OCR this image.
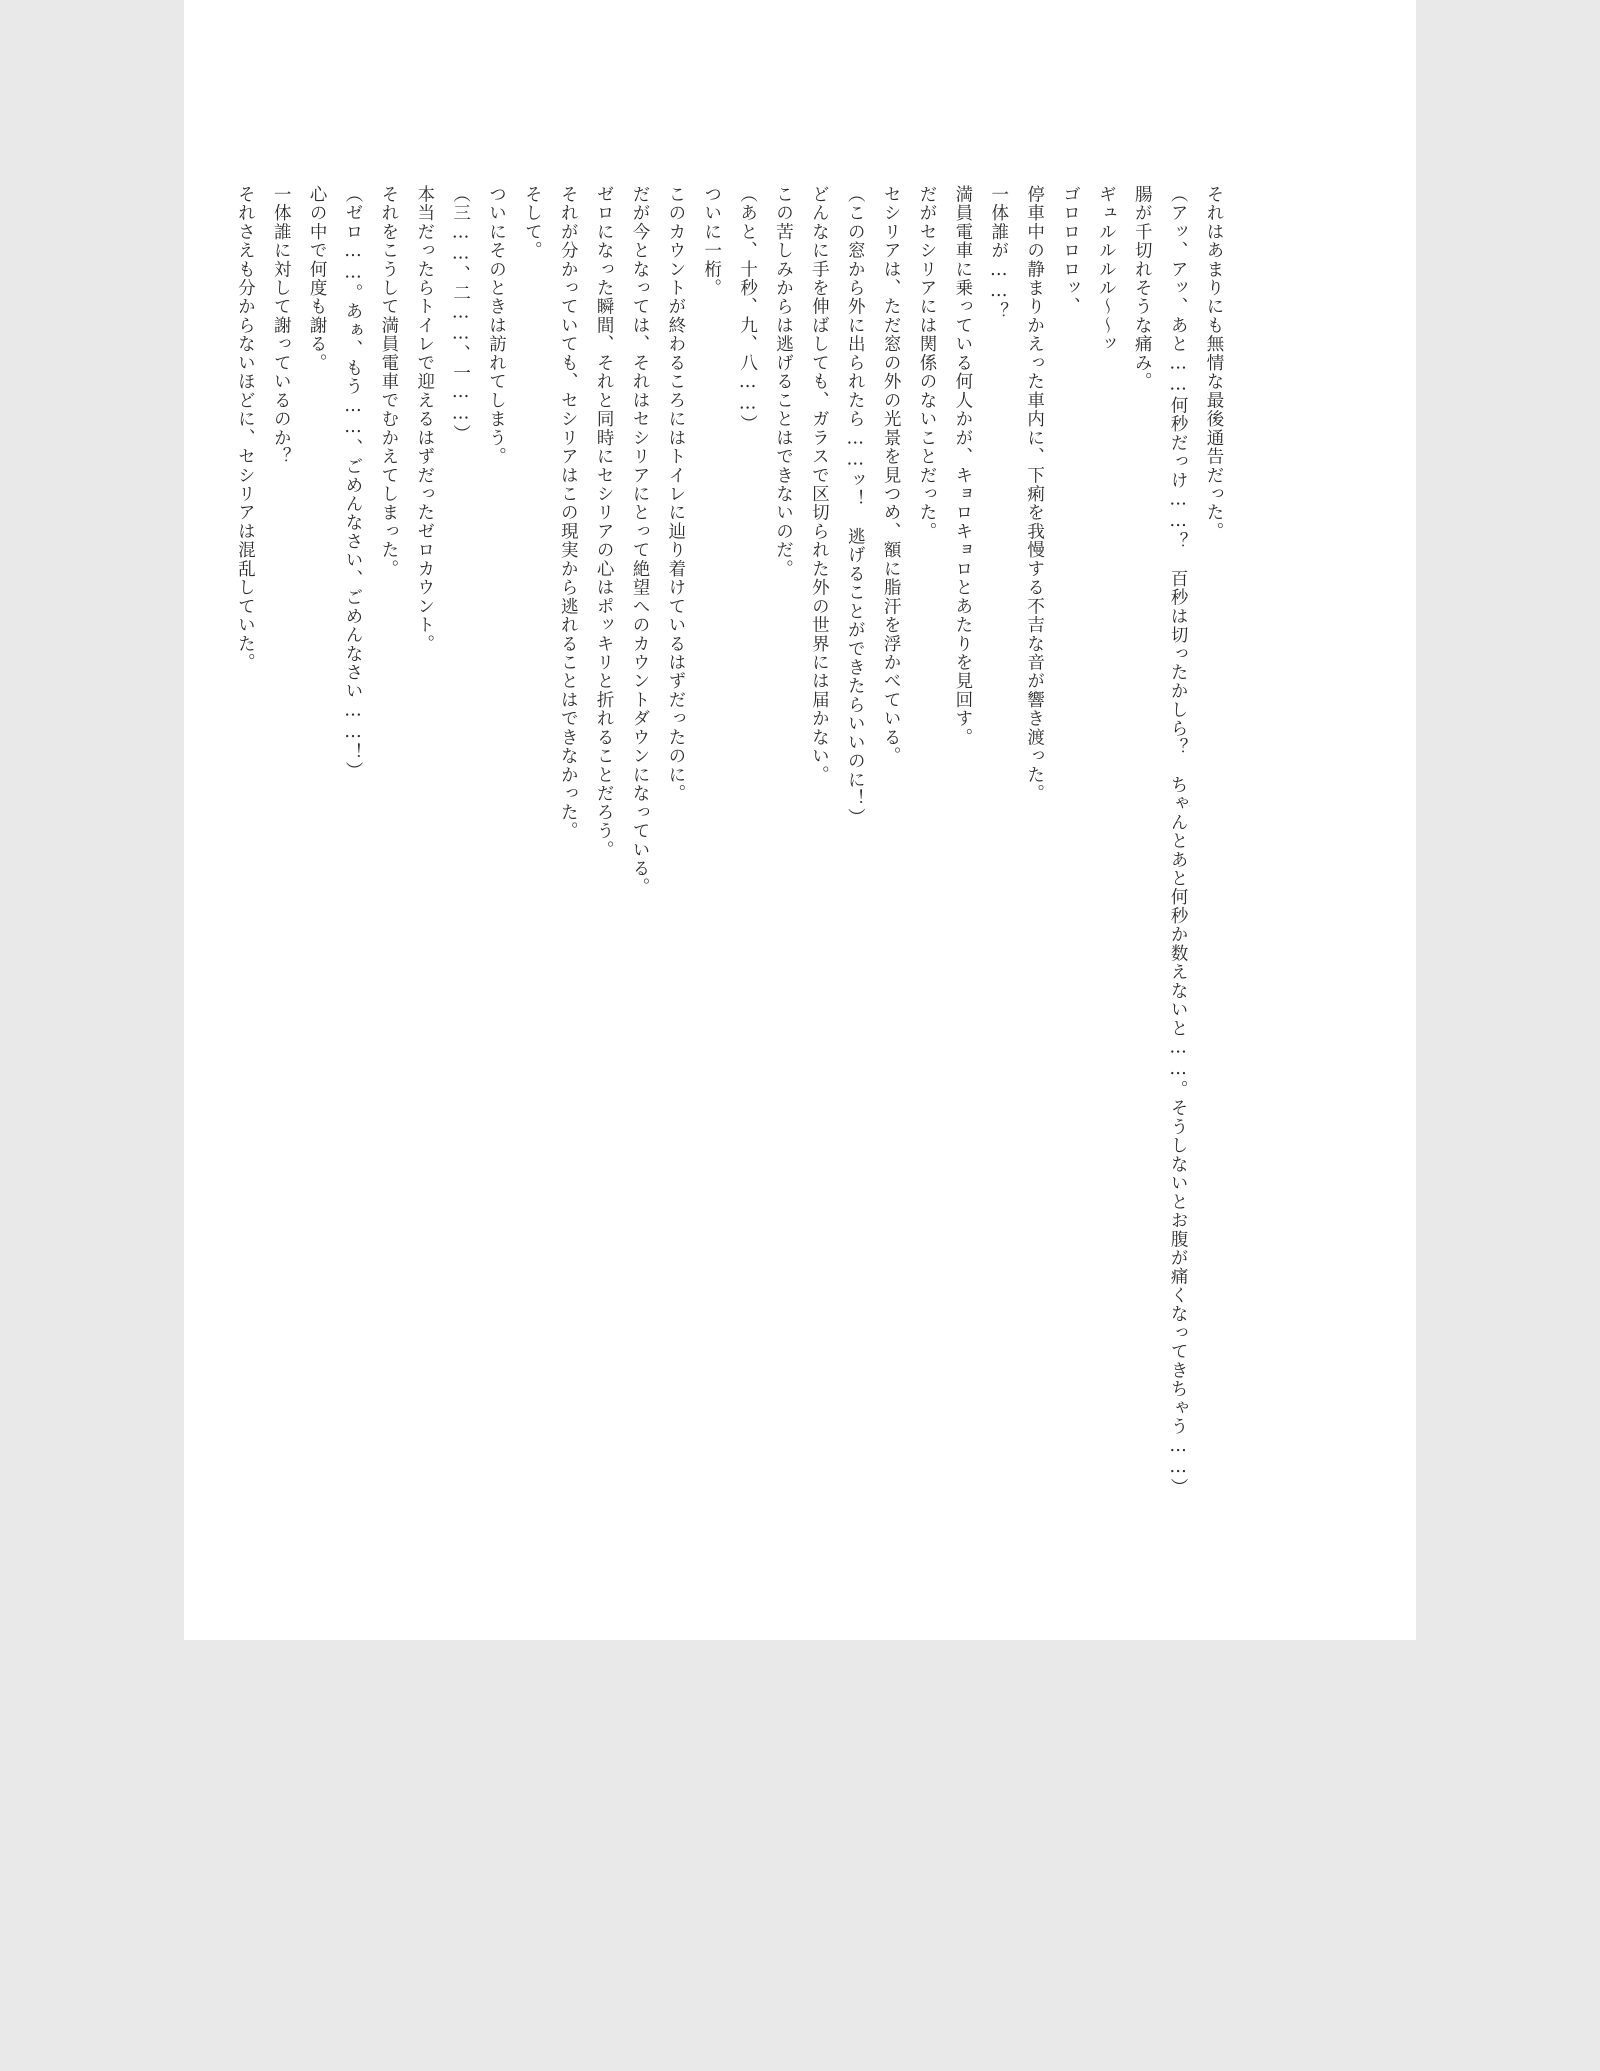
それはあまりにも無情な最後通告だった。

（アッ、アッ、あと……何秒だっけ……？　百秒は切ったかしら？　ちゃんとあと何秒か数えないと……。そうしないとお腹が痛くなってきちゃう……）

腸が千切れそうな痛み。

ギュルルルル～～ッ

ゴロロロロッ、

停車中の静まりかえった車内に、下痢を我慢する不吉な音が響き渡った。

一体誰が……？

満員電車に乗っている何人かが、キョロキョロとあたりを見回す。

だがセシリアには関係のないことだった。

セシリアは、ただ窓の外の光景を見つめ、額に脂汗を浮かべている。

（この窓から外に出られたら……ッ！　逃げることができたらいいのに！）

どんなに手を伸ばしても、ガラスで区切られた外の世界には届かない。

この苦しみからは逃げることはできないのだ。

（あと、十秒、九、八……）

ついに一桁。

このカウントが終わるころにはトイレに辿り着けているはずだったのに。

だが今となっては、それはセシリアにとって絶望へのカウントダウンになっている。

ゼロになった瞬間、それと同時にセシリアの心はポッキリと折れることだろう。

それが分かっていても、セシリアはこの現実から逃れることはできなかった。

そして。

ついにそのときは訪れてしまう。

（三……、二……、一……）

本当だったらトイレで迎えるはずだったゼロカウント。

それをこうして満員電車でむかえてしまった。

（ゼロ……。あぁ、もう……、ごめんなさい、ごめんなさい……！）

心の中で何度も謝る。

一体誰に対して謝っているのか？

それさえも分からないほどに、セシリアは混乱していた。
